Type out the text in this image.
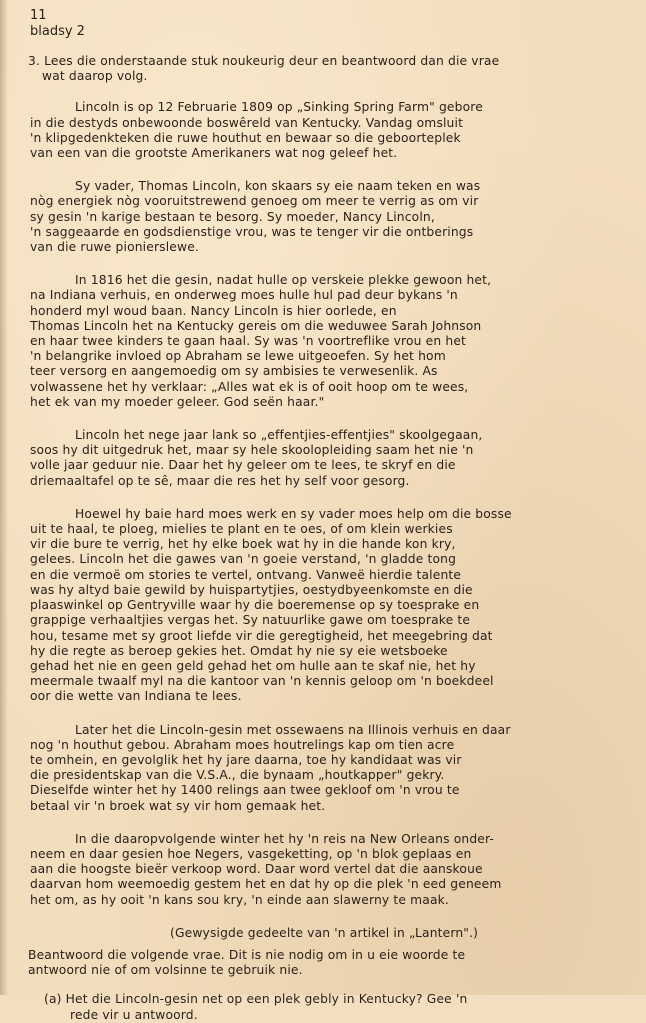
11
bladsy 2
3. Lees die onderstaande stuk noukeurig deur en beantwoord dan die vrae
wat daarop volg.
Lincoln is op 12 Februarie 1809 op „Sinking Spring Farm" gebore
in die destyds onbewoonde boswêreld van Kentucky. Vandag omsluit
'n klipgedenkteken die ruwe houthut en bewaar so die geboorteplek
van een van die grootste Amerikaners wat nog geleef het.
Sy vader, Thomas Lincoln, kon skaars sy eie naam teken en was
nòg energiek nòg vooruitstrewend genoeg om meer te verrig as om vir
sy gesin 'n karige bestaan te besorg. Sy moeder, Nancy Lincoln,
'n saggeaarde en godsdienstige vrou, was te tenger vir die ontberings
van die ruwe pionierslewe.
In 1816 het die gesin, nadat hulle op verskeie plekke gewoon het,
na Indiana verhuis, en onderweg moes hulle hul pad deur bykans 'n
honderd myl woud baan. Nancy Lincoln is hier oorlede, en
Thomas Lincoln het na Kentucky gereis om die weduwee Sarah Johnson
en haar twee kinders te gaan haal. Sy was 'n voortreflike vrou en het
'n belangrike invloed op Abraham se lewe uitgeoefen. Sy het hom
teer versorg en aangemoedig om sy ambisies te verwesenlik. As
volwassene het hy verklaar: „Alles wat ek is of ooit hoop om te wees,
het ek van my moeder geleer. God seën haar."
Lincoln het nege jaar lank so „effentjies-effentjies" skoolgegaan,
soos hy dit uitgedruk het, maar sy hele skoolopleiding saam het nie 'n
volle jaar geduur nie. Daar het hy geleer om te lees, te skryf en die
driemaaltafel op te sê, maar die res het hy self voor gesorg.
Hoewel hy baie hard moes werk en sy vader moes help om die bosse
uit te haal, te ploeg, mielies te plant en te oes, of om klein werkies
vir die bure te verrig, het hy elke boek wat hy in die hande kon kry,
gelees. Lincoln het die gawes van 'n goeie verstand, 'n gladde tong
en die vermoë om stories te vertel, ontvang. Vanweë hierdie talente
was hy altyd baie gewild by huispartytjies, oestydbyeenkomste en die
plaaswinkel op Gentryville waar hy die boeremense op sy toesprake en
grappige verhaaltjies vergas het. Sy natuurlike gawe om toesprake te
hou, tesame met sy groot liefde vir die geregtigheid, het meegebring dat
hy die regte as beroep gekies het. Omdat hy nie sy eie wetsboeke
gehad het nie en geen geld gehad het om hulle aan te skaf nie, het hy
meermale twaalf myl na die kantoor van 'n kennis geloop om 'n boekdeel
oor die wette van Indiana te lees.
Later het die Lincoln-gesin met ossewaens na Illinois verhuis en daar
nog 'n houthut gebou. Abraham moes houtrelings kap om tien acre
te omhein, en gevolglik het hy jare daarna, toe hy kandidaat was vir
die presidentskap van die V.S.A., die bynaam „houtkapper" gekry.
Dieselfde winter het hy 1400 relings aan twee gekloof om 'n vrou te
betaal vir 'n broek wat sy vir hom gemaak het.
In die daaropvolgende winter het hy 'n reis na New Orleans onder-
neem en daar gesien hoe Negers, vasgeketting, op 'n blok geplaas en
aan die hoogste bieër verkoop word. Daar word vertel dat die aanskoue
daarvan hom weemoedig gestem het en dat hy op die plek 'n eed geneem
het om, as hy ooit 'n kans sou kry, 'n einde aan slawerny te maak.
(Gewysigde gedeelte van 'n artikel in „Lantern".)
Beantwoord die volgende vrae. Dit is nie nodig om in u eie woorde te
antwoord nie of om volsinne te gebruik nie.
(a) Het die Lincoln-gesin net op een plek gebly in Kentucky? Gee 'n
rede vir u antwoord.
